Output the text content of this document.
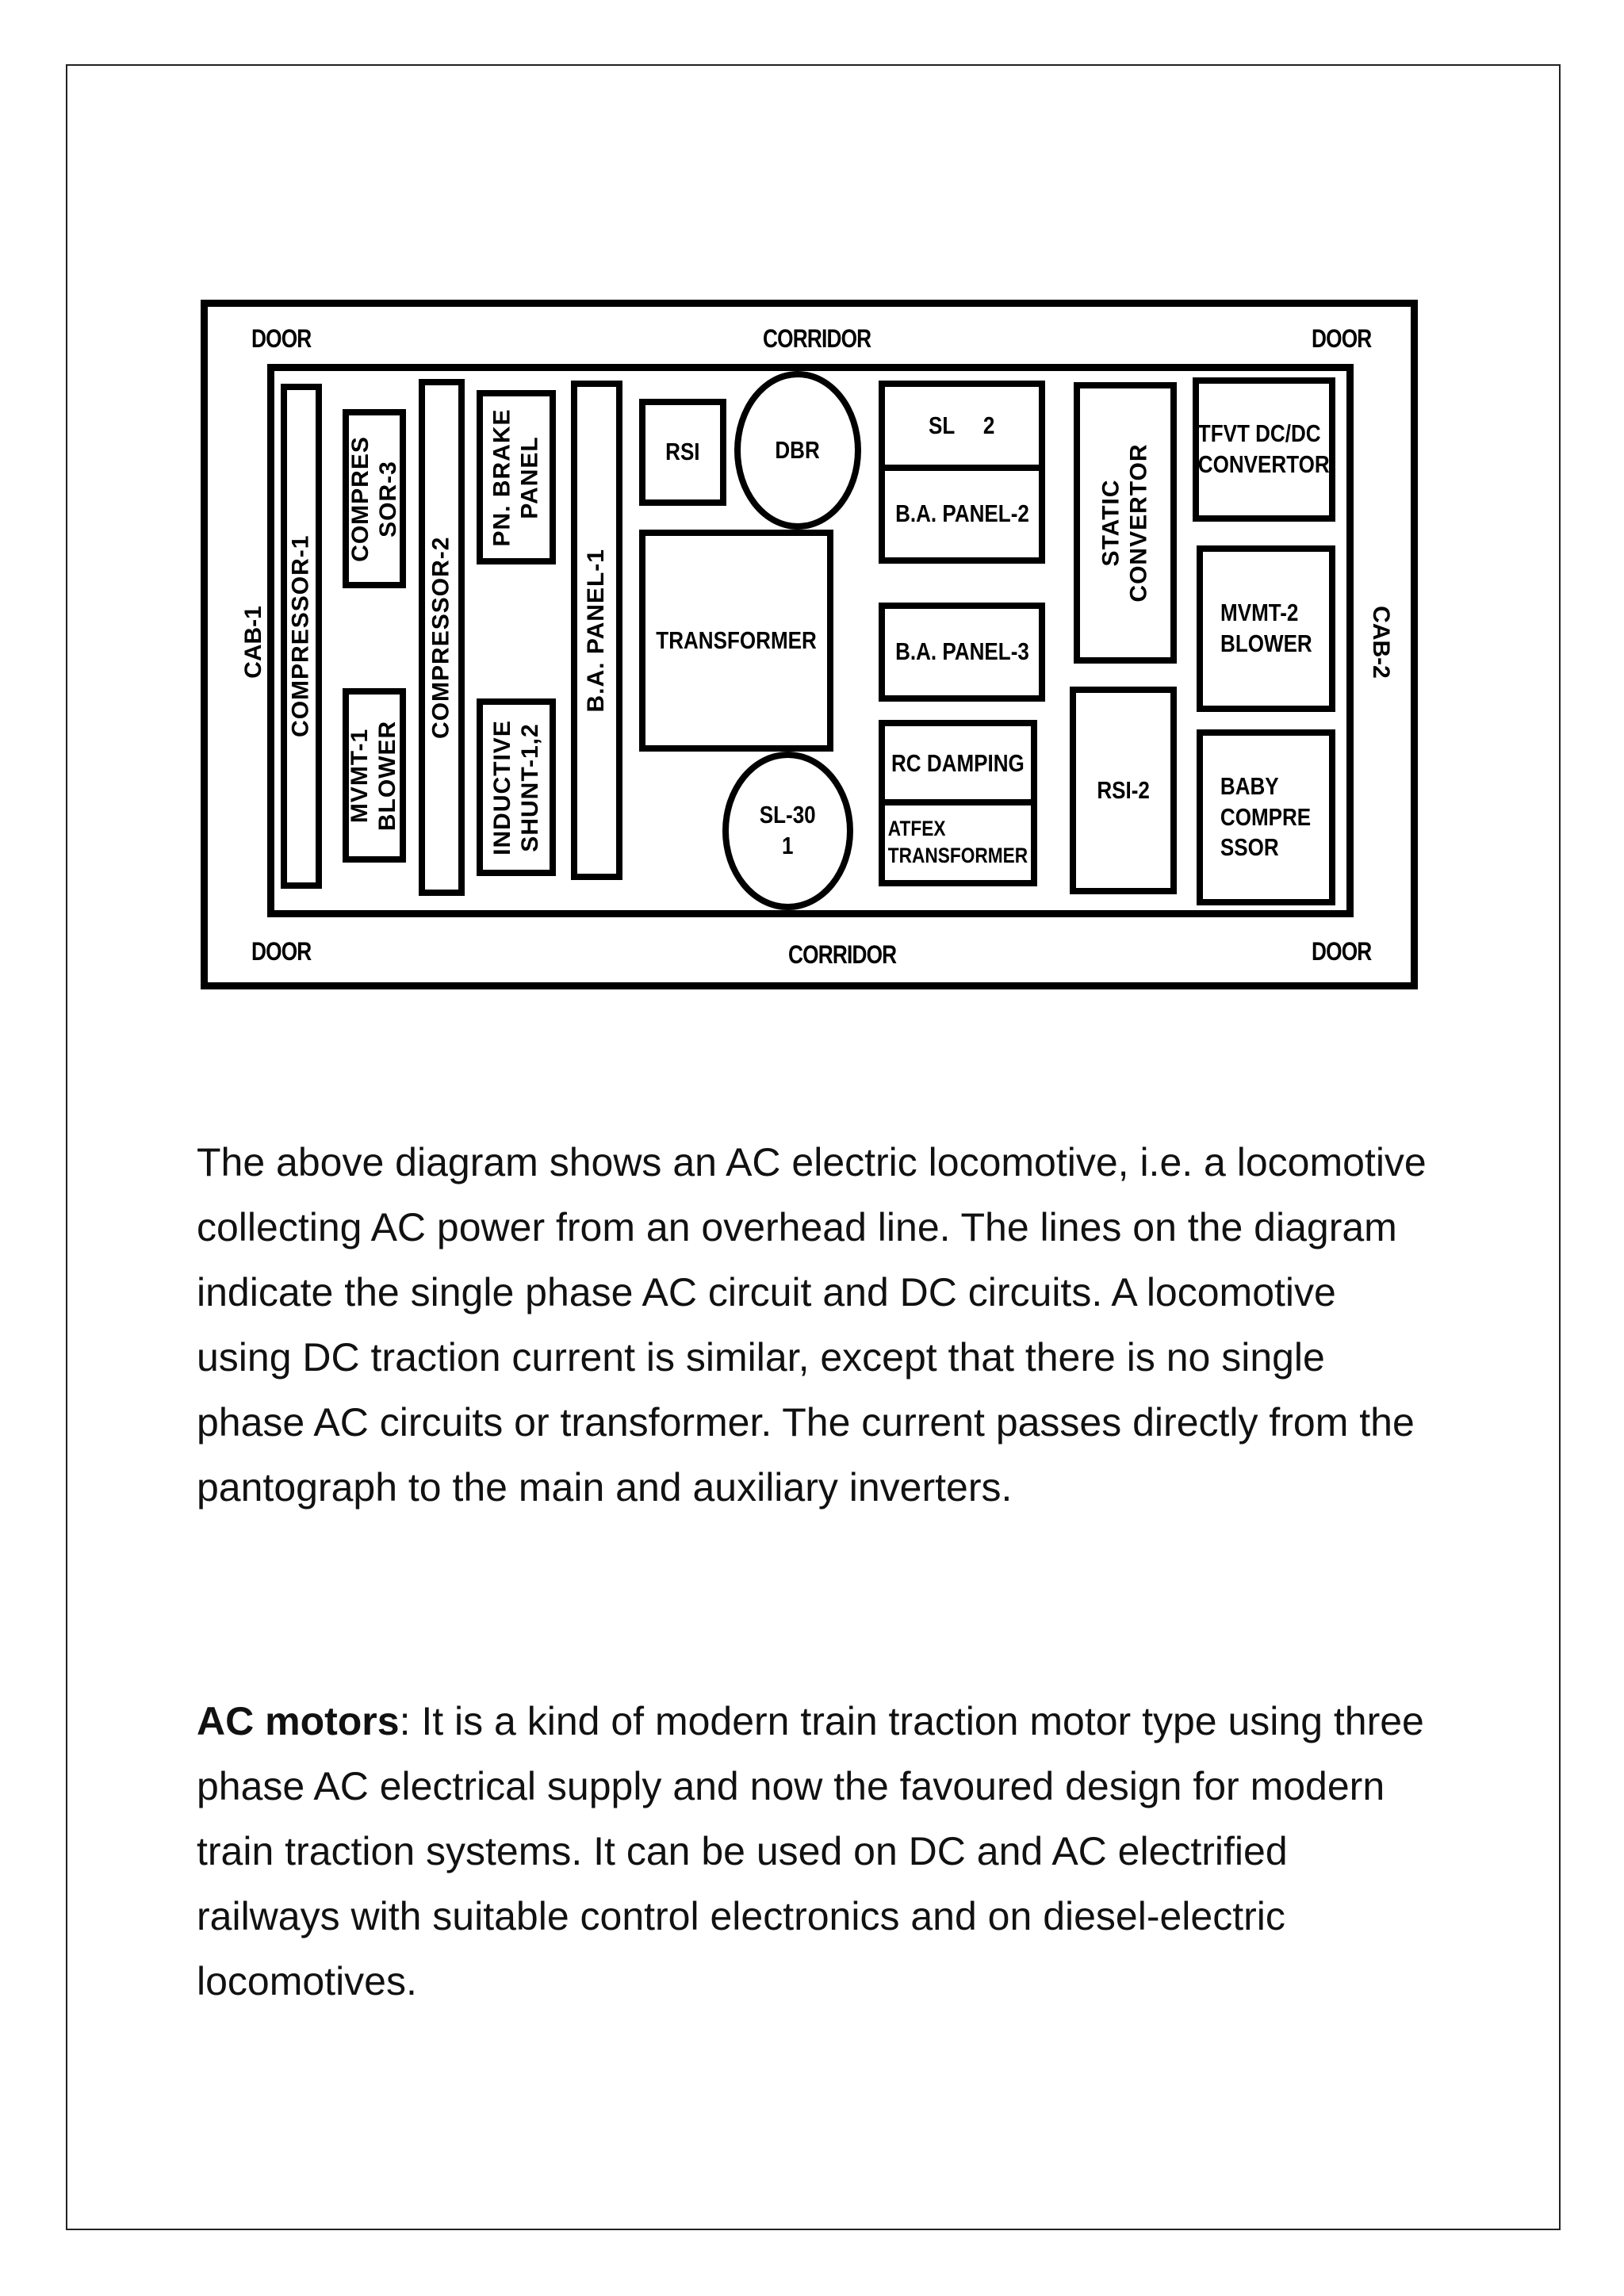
DOOR	CORRIDOR	DOOR
DOOR	CORRIDOR	DOOR
CAB-1	CAB-2
COMPRESSOR-1
COMPRES
SOR-3
MVMT-1
BLOWER
COMPRESSOR-2
PN. BRAKE
PANEL
INDUCTIVE
SHUNT-1,2
B.A. PANEL-1
RSI	DBR
TRANSFORMER
SL-30
1
SL     2
B.A. PANEL-2
B.A. PANEL-3
RC DAMPING
ATFEX
TRANSFORMER
STATIC
CONVERTOR
RSI-2
TFVT DC/DC
CONVERTOR
MVMT-2
BLOWER
BABY
COMPRE
SSOR

The above diagram shows an AC electric locomotive, i.e. a locomotive collecting AC power from an overhead line. The lines on the diagram indicate the single phase AC circuit and DC circuits. A locomotive using DC traction current is similar, except that there is no single phase AC circuits or transformer. The current passes directly from the pantograph to the main and auxiliary inverters.

AC motors: It is a kind of modern train traction motor type using three phase AC electrical supply and now the favoured design for modern train traction systems. It can be used on DC and AC electrified railways with suitable control electronics and on diesel-electric locomotives.
